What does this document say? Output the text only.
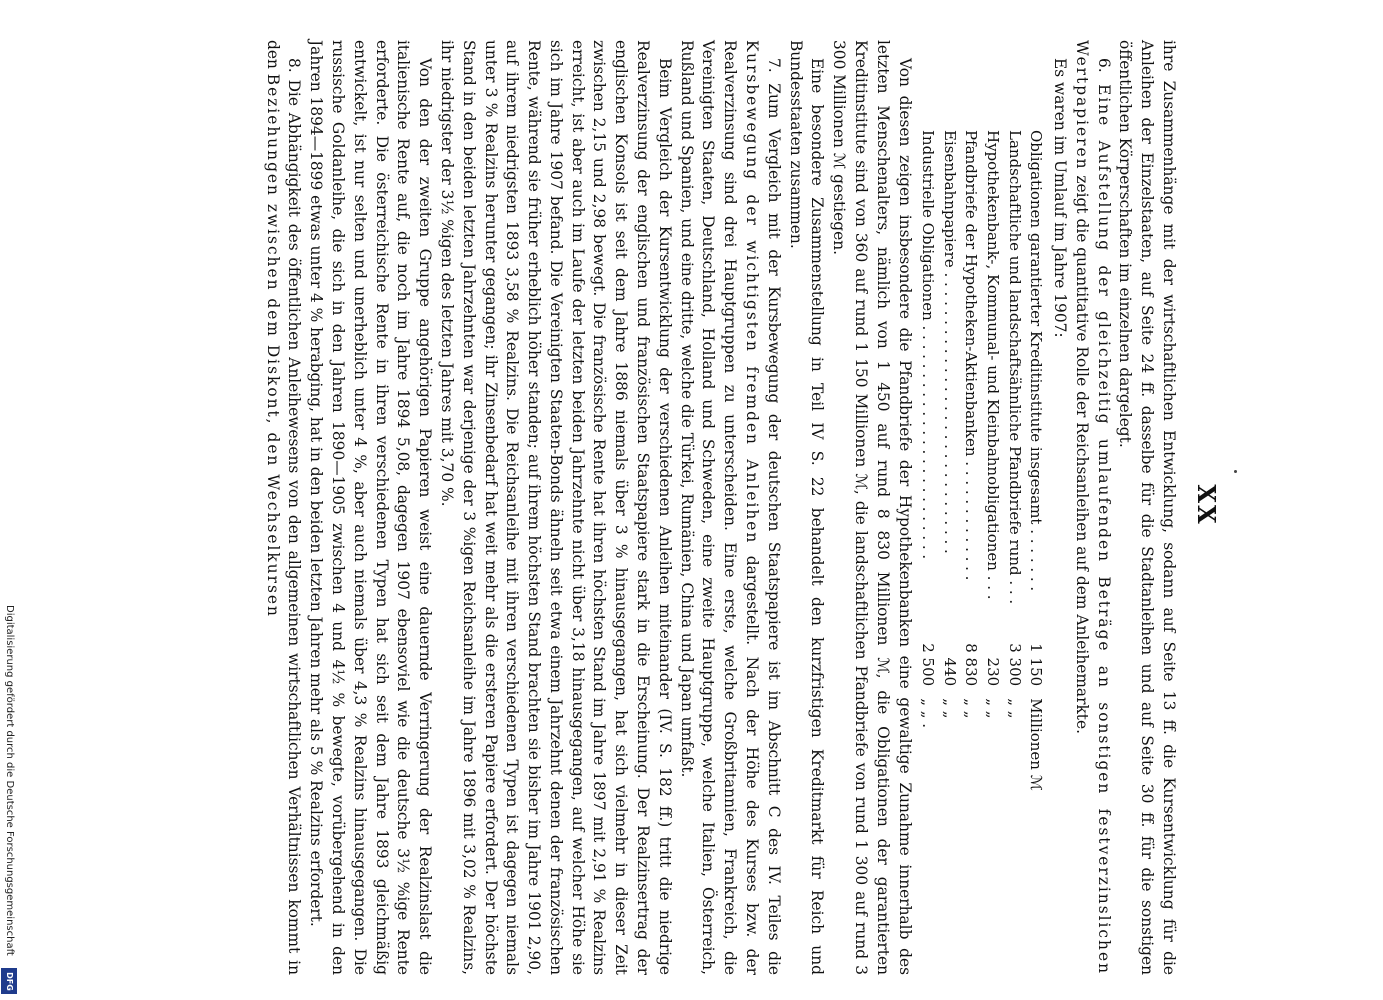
XX

ihre Zusammenhänge mit der wirtschaftlichen Entwicklung, sodann auf Seite 13 ff. die Kursentwicklung für die Anleihen der Einzelstaaten, auf Seite 24 ff. dasselbe für die Stadtanleihen und auf Seite 30 ff. für die sonstigen öffentlichen Körperschaften im einzelnen dargelegt.

6. Eine Aufstellung der gleichzeitig umlaufenden Beträge an sonstigen festverzinslichen Wertpapieren zeigt die quantitative Rolle der Reichsanleihen auf dem Anleihemarkte.

Es waren im Umlauf im Jahre 1907:

Obligationen garantierter Kreditinstitute insgesamt . . . . . . .	1 150	Millionen ℳ
Landschaftliche und landschaftsähnliche Pfandbriefe rund . . .	3 300	„ „
Hypothekenbank-, Kommunal- und Kleinbahnobligationen . . .	230	„ „
Pfandbriefe der Hypotheken-Aktienbanken . . . . . . . . . . . . .	8 830	„ „
Eisenbahnpapiere . . . . . . . . . . . . . . . . . . . . . . . . . . . . . .	440	„ „
Industrielle Obligationen . . . . . . . . . . . . . . . . . . . . . . . . .	2 500	„ „ .

Von diesen zeigen insbesondere die Pfandbriefe der Hypothekenbanken eine gewaltige Zunahme innerhalb des letzten Menschenalters, nämlich von 1 450 auf rund 8 830 Millionen ℳ, die Obligationen der garantierten Kreditinstitute sind von 360 auf rund 1 150 Millionen ℳ, die landschaftlichen Pfandbriefe von rund 1 300 auf rund 3 300 Millionen ℳ gestiegen.

Eine besondere Zusammenstellung in Teil IV S. 22 behandelt den kurzfristigen Kreditmarkt für Reich und Bundesstaaten zusammen.

7. Zum Vergleich mit der Kursbewegung der deutschen Staatspapiere ist im Abschnitt C des IV. Teiles die Kursbewegung der wichtigsten fremden Anleihen dargestellt. Nach der Höhe des Kurses bzw. der Realverzinsung sind drei Hauptgruppen zu unterscheiden. Eine erste, welche Großbritannien, Frankreich, die Vereinigten Staaten, Deutschland, Holland und Schweden, eine zweite Hauptgruppe, welche Italien, Österreich, Rußland und Spanien, und eine dritte, welche die Türkei, Rumänien, China und Japan umfaßt.

Beim Vergleich der Kursentwicklung der verschiedenen Anleihen miteinander (IV. S. 182 ff.) tritt die niedrige Realverzinsung der englischen und französischen Staatspapiere stark in die Erscheinung. Der Realzinsertrag der englischen Konsols ist seit dem Jahre 1886 niemals über 3 % hinausgegangen, hat sich vielmehr in dieser Zeit zwischen 2,15 und 2,98 bewegt. Die französische Rente hat ihren höchsten Stand im Jahre 1897 mit 2,91 % Realzins erreicht, ist aber auch im Laufe der letzten beiden Jahrzehnte nicht über 3,18 hinausgegangen, auf welcher Höhe sie sich im Jahre 1907 befand. Die Vereinigten Staaten-Bonds ähneln seit etwa einem Jahrzehnt denen der französischen Rente, während sie früher erheblich höher standen; auf ihrem höchsten Stand brachten sie bisher im Jahre 1901 2,90, auf ihrem niedrigsten 1893 3,58 % Realzins. Die Reichsanleihe mit ihren verschiedenen Typen ist dagegen niemals unter 3 % Realzins herunter gegangen; ihr Zinsenbedarf hat weit mehr als die ersteren Papiere erfordert. Der höchste Stand in den beiden letzten Jahrzehnten war derjenige der 3 %igen Reichsanleihe im Jahre 1896 mit 3,02 % Realzins, ihr niedrigster der 3½ %igen des letzten Jahres mit 3,70 %.

Von den der zweiten Gruppe angehörigen Papieren weist eine dauernde Verringerung der Realzinslast die italienische Rente auf, die noch im Jahre 1894 5,08, dagegen 1907 ebensoviel wie die deutsche 3½ %ige Rente erforderte. Die österreichische Rente in ihren verschiedenen Typen hat sich seit dem Jahre 1893 gleichmäßig entwickelt, ist nur selten und unerheblich unter 4 %, aber auch niemals über 4,3 % Realzins hinausgegangen. Die russische Goldanleihe, die sich in den Jahren 1890—1905 zwischen 4 und 4½ % bewegte, vorübergehend in den Jahren 1894—1899 etwas unter 4 % herabging, hat in den beiden letzten Jahren mehr als 5 % Realzins erfordert.

8. Die Abhängigkeit des öffentlichen Anleihewesens von den allgemeinen wirtschaftlichen Verhältnissen kommt in den Beziehungen zwischen dem Diskont, den Wechselkursen

Digitalisierung gefördert durch die Deutsche Forschungsgemeinschaft
DFG
